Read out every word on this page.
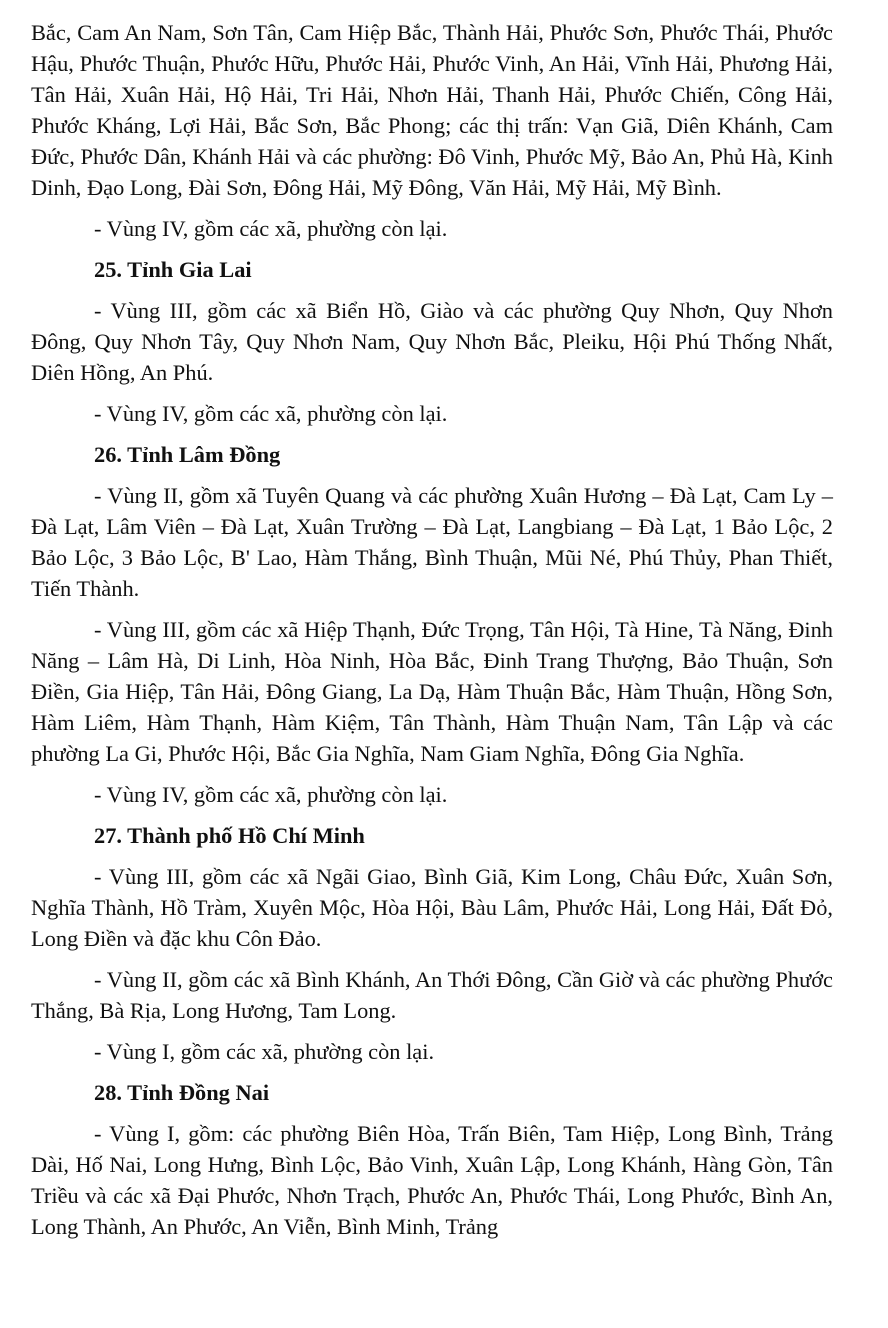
Bắc, Cam An Nam, Sơn Tân, Cam Hiệp Bắc, Thành Hải, Phước Sơn, Phước Thái, Phước Hậu, Phước Thuận, Phước Hữu, Phước Hải, Phước Vinh, An Hải, Vĩnh Hải, Phương Hải, Tân Hải, Xuân Hải, Hộ Hải, Tri Hải, Nhơn Hải, Thanh Hải, Phước Chiến, Công Hải, Phước Kháng, Lợi Hải, Bắc Sơn, Bắc Phong; các thị trấn: Vạn Giã, Diên Khánh, Cam Đức, Phước Dân, Khánh Hải và các phường: Đô Vinh, Phước Mỹ, Bảo An, Phủ Hà, Kinh Dinh, Đạo Long, Đài Sơn, Đông Hải, Mỹ Đông, Văn Hải, Mỹ Hải, Mỹ Bình.

- Vùng IV, gồm các xã, phường còn lại.

25. Tỉnh Gia Lai

- Vùng III, gồm các xã Biển Hồ, Giào và các phường Quy Nhơn, Quy Nhơn Đông, Quy Nhơn Tây, Quy Nhơn Nam, Quy Nhơn Bắc, Pleiku, Hội Phú Thống Nhất, Diên Hồng, An Phú.

- Vùng IV, gồm các xã, phường còn lại.

26. Tỉnh Lâm Đồng

- Vùng II, gồm xã Tuyên Quang và các phường Xuân Hương – Đà Lạt, Cam Ly – Đà Lạt, Lâm Viên – Đà Lạt, Xuân Trường – Đà Lạt, Langbiang – Đà Lạt, 1 Bảo Lộc, 2 Bảo Lộc, 3 Bảo Lộc, B' Lao, Hàm Thắng, Bình Thuận, Mũi Né, Phú Thủy, Phan Thiết, Tiến Thành.

- Vùng III, gồm các xã Hiệp Thạnh, Đức Trọng, Tân Hội, Tà Hine, Tà Năng, Đinh Năng – Lâm Hà, Di Linh, Hòa Ninh, Hòa Bắc, Đinh Trang Thượng, Bảo Thuận, Sơn Điền, Gia Hiệp, Tân Hải, Đông Giang, La Dạ, Hàm Thuận Bắc, Hàm Thuận, Hồng Sơn, Hàm Liêm, Hàm Thạnh, Hàm Kiệm, Tân Thành, Hàm Thuận Nam, Tân Lập và các phường La Gi, Phước Hội, Bắc Gia Nghĩa, Nam Giam Nghĩa, Đông Gia Nghĩa.

- Vùng IV, gồm các xã, phường còn lại.

27. Thành phố Hồ Chí Minh

- Vùng III, gồm các xã Ngãi Giao, Bình Giã, Kim Long, Châu Đức, Xuân Sơn, Nghĩa Thành, Hồ Tràm, Xuyên Mộc, Hòa Hội, Bàu Lâm, Phước Hải, Long Hải, Đất Đỏ, Long Điền và đặc khu Côn Đảo.

- Vùng II, gồm các xã Bình Khánh, An Thới Đông, Cần Giờ và các phường Phước Thắng, Bà Rịa, Long Hương, Tam Long.

- Vùng I, gồm các xã, phường còn lại.

28. Tỉnh Đồng Nai

- Vùng I, gồm: các phường Biên Hòa, Trấn Biên, Tam Hiệp, Long Bình, Trảng Dài, Hố Nai, Long Hưng, Bình Lộc, Bảo Vinh, Xuân Lập, Long Khánh, Hàng Gòn, Tân Triều và các xã Đại Phước, Nhơn Trạch, Phước An, Phước Thái, Long Phước, Bình An, Long Thành, An Phước, An Viễn, Bình Minh, Trảng
